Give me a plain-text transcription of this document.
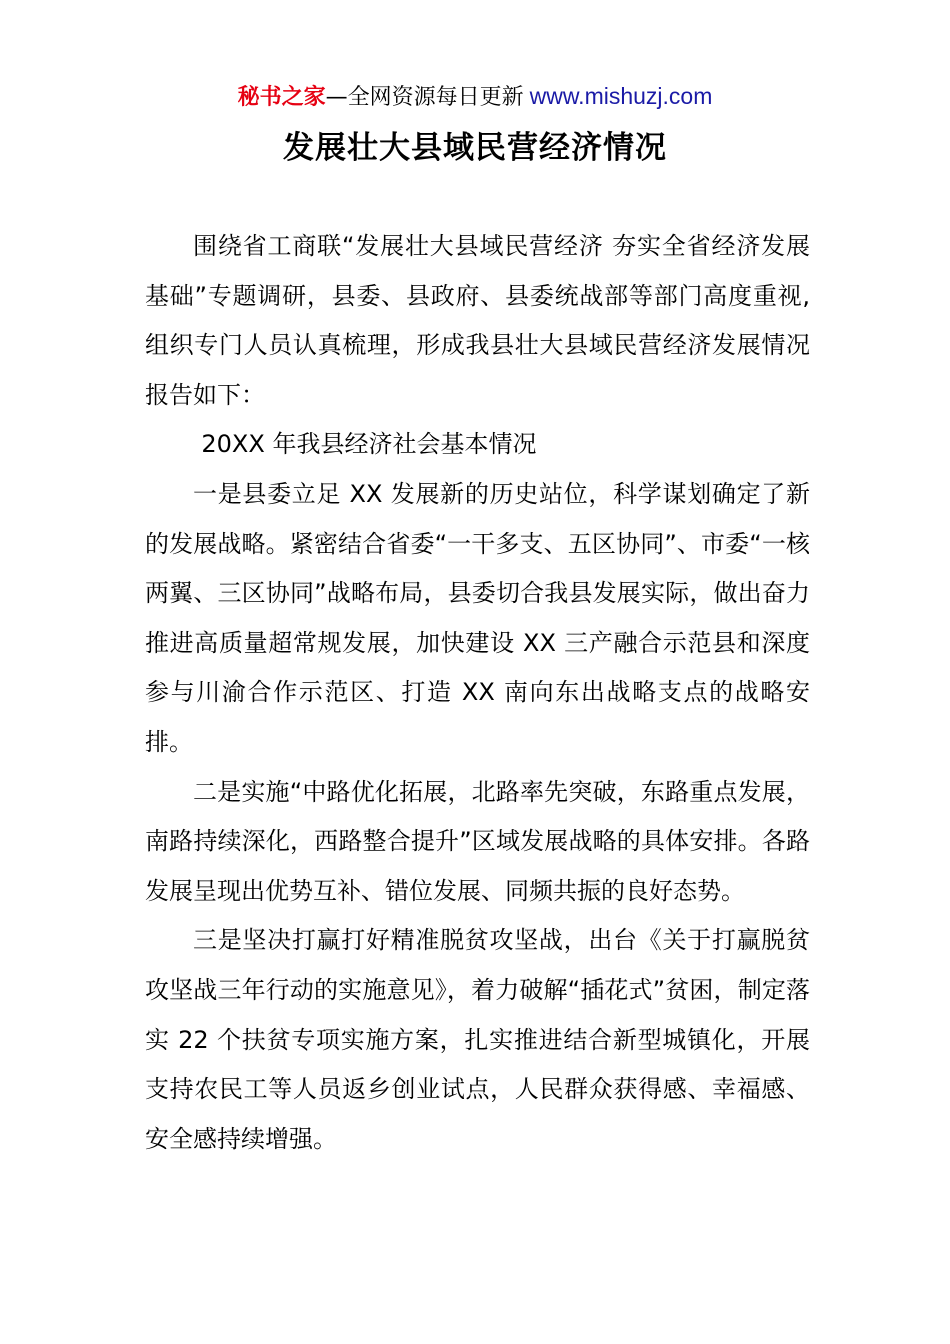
秘书之家—全网资源每日更新 www.mishuzj.com
发展壮大县域民营经济情况

围绕省工商联“发展壮大县域民营经济 夯实全省经济发展基础”专题调研，县委、县政府、县委统战部等部门高度重视,组织专门人员认真梳理，形成我县壮大县域民营经济发展情况报告如下：

20XX 年我县经济社会基本情况

一是县委立足 XX 发展新的历史站位，科学谋划确定了新的发展战略。紧密结合省委“一干多支、五区协同”、市委“一核两翼、三区协同”战略布局，县委切合我县发展实际，做出奋力推进高质量超常规发展，加快建设 XX 三产融合示范县和深度参与川渝合作示范区、打造 XX 南向东出战略支点的战略安排。

二是实施“中路优化拓展，北路率先突破，东路重点发展，南路持续深化，西路整合提升”区域发展战略的具体安排。各路发展呈现出优势互补、错位发展、同频共振的良好态势。

三是坚决打赢打好精准脱贫攻坚战，出台《关于打赢脱贫攻坚战三年行动的实施意见》，着力破解“插花式”贫困，制定落实 22 个扶贫专项实施方案，扎实推进结合新型城镇化，开展支持农民工等人员返乡创业试点，人民群众获得感、幸福感、安全感持续增强。
